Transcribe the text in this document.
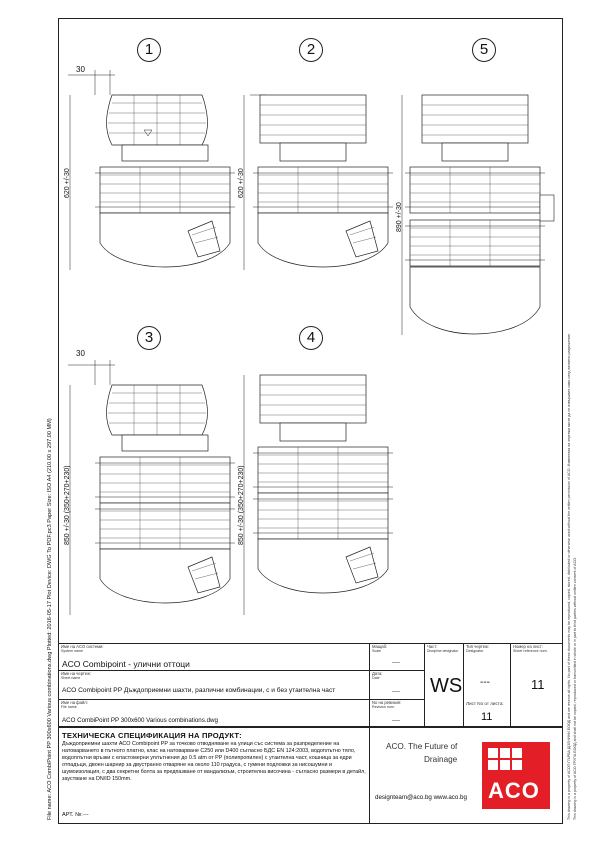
File name: ACO CombiPoint PP 300x600 Various combinations.dwg Plotted: 2016-05-17 Plot Device: DWG To PDF.pc3 Paper Size: ISO A4 (210.00 x 297.00 MM)	This drawing is a property of ACO® ПЪРВА ДОЛНИНИ ЕООД and we reserve all rights. No part of these documents may be reproduced, copied, stored, distributed or otherwise used without the written permission of ACO. Изменения на чертежа могат да се извършват само след писмено разрешение. This drawing is a property of ACO ГРУПА ЕООД and shall not be copied, reproduced or transmitted in whole or in part to third parties without written consent of ACO.
1	2	5
3	4
30
30
620 +/-30	620 +/-30
890 +/-30
850 +/-30 (350+270+230)	850 +/-30 (350+270+230)
Име на ACO системи:
System name
ACO Combipoint - улични оттоци
Име на чертеж:
Sheet name
ACO Combipoint PP Дъждоприемни шахти, различни комбинации, с и без утаителна част
Име на файл:
File name
ACO CombiPoint PP 300x600 Various combinations.dwg
Мащаб:
Scale
----
Дата:
Date
----
No на ревизия:
Revision num.
----
Част:
Discipline designator
WS
Тип чертеж:
Designator
---
Лист No от листа:
11
Номер на лист:
Sheet reference num.
11
ТЕХНИЧЕСКА СПЕЦИФИКАЦИЯ НА ПРОДУКТ:
Дъждоприемни шахти ACO Combipoint PP за точково отводняване на улици със система за разпределение на натоварването в пътното платно, клас на натоварване C250 или D400 съгласно БДС EN 124:2003, водоплътно тяло, водоплътни връзки с еластомерни уплътнения до 0.5 atm от PP (полипропилен) с утаителна част, кошница за едри отпадъци, двоен шарнир за двустранно отваряне на около 110 градуса, с гумени подложки за нисошумни и шумоизолация, с два секретни болта за предпазване от вандализъм, строителна височина - съгласно размери в детайл, заустване на DN/ID 150mm.
АРТ. №: ---
ACO. The Future of
Drainage
designteam@aco.bg www.aco.bg ACO
